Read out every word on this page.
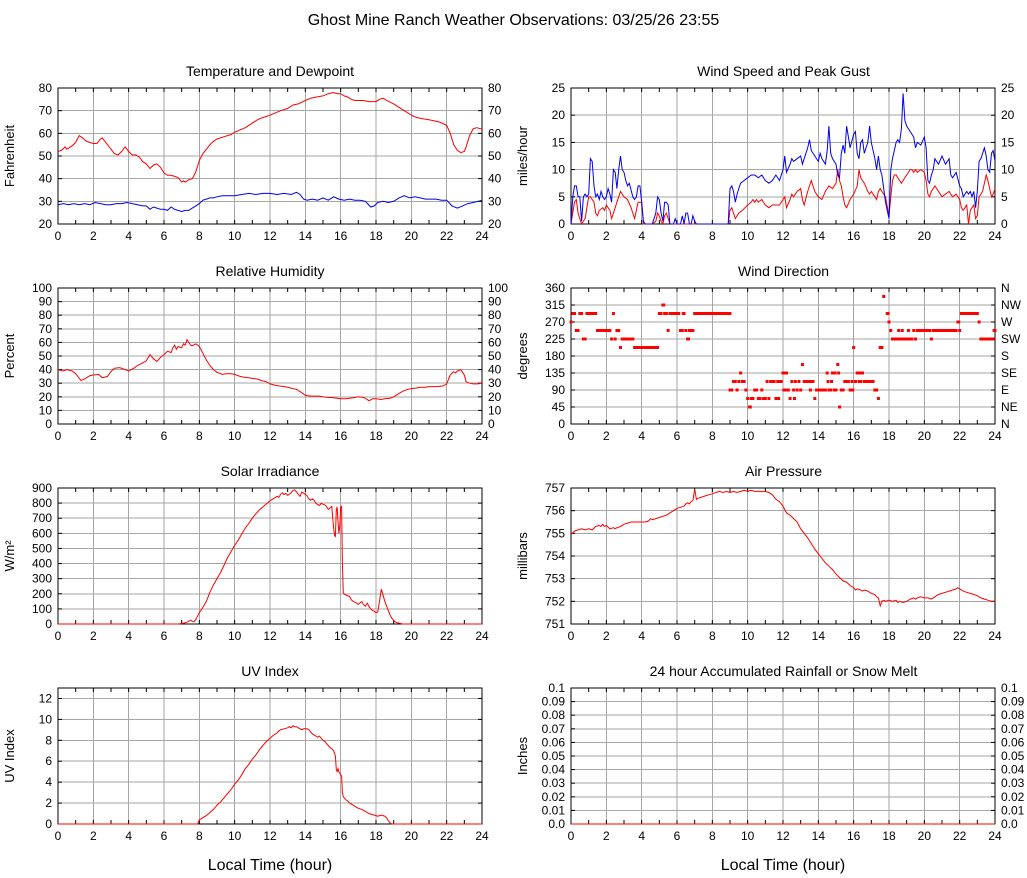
Ghost Mine Ranch Weather Observations: 03/25/26 23:55
Temperature and Dewpoint
0 2 4 6 8 10 12 14 16 18 20 22 24
20	20
30	30
40	40
50	50
60	60
70	70
80	80
Fahrenheit
Wind Speed and Peak Gust
0 2 4 6 8 10 12 14 16 18 20 22 24
0	0
5	5
10	10
15	15
20	20
25	25
miles/hour
Relative Humidity
0 2 4 6 8 10 12 14 16 18 20 22 24
0	0
10	10
20	20
30	30
40	40
50	50
60	60
70	70
80	80
90	90
100	100
Percent
Wind Direction
0 2 4 6 8 10 12 14 16 18 20 22 24
0	N
45	NE
90	E
135	SE
180	S
225	SW
270	W
315	NW
360	N
degrees
Solar Irradiance
0 2 4 6 8 10 12 14 16 18 20 22 24
0
100
200
300
400
500
600
700
800
900
W/m²
Air Pressure
0 2 4 6 8 10 12 14 16 18 20 22 24
751
752
753
754
755
756
757
millibars
UV Index
0 2 4 6 8 10 12 14 16 18 20 22 24
0
2
4
6
8
10
12
UV Index
Local Time (hour)
24 hour Accumulated Rainfall or Snow Melt
0 2 4 6 8 10 12 14 16 18 20 22 24
0.0	0.0
0.01	0.01
0.02	0.02
0.03	0.03
0.04	0.04
0.05	0.05
0.06	0.06
0.07	0.07
0.08	0.08
0.09	0.09
0.1	0.1
Inches
Local Time (hour)
